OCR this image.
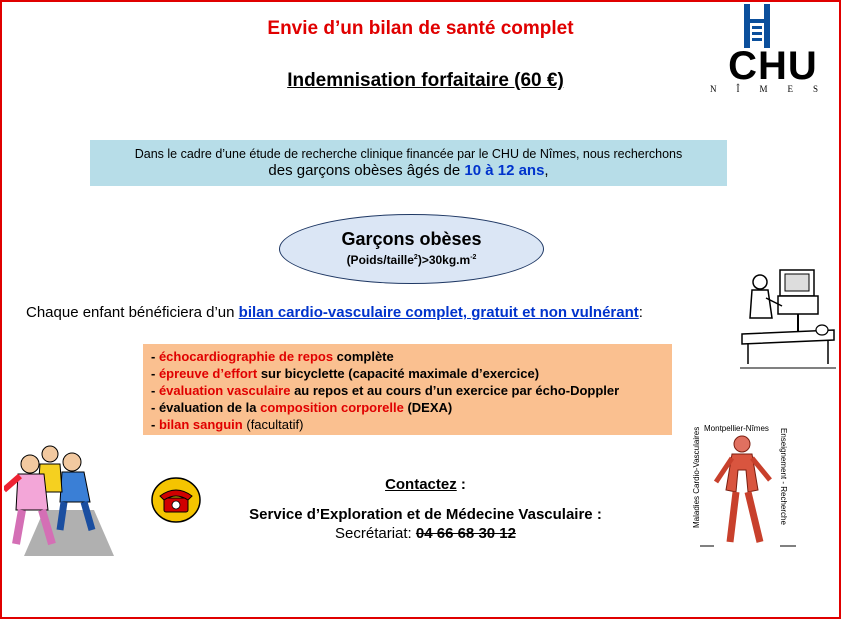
Envie d’un bilan de santé complet
Indemnisation forfaitaire (60 €)	CHU
NÎMES
Dans le cadre d’une étude de recherche clinique financée par le CHU de Nîmes, nous recherchons
des garçons obèses âgés de 10 à 12 ans,
Garçons obèses
$(Poids/taille^2)>30kg.m^{-2}$
Chaque enfant bénéficiera d’un bilan cardio-vasculaire complet, gratuit et non vulnérant:
- échocardiographie de repos complète
- épreuve d’effort sur bicyclette (capacité maximale d’exercice)
- évaluation vasculaire au repos et au cours d’un exercice par écho-Doppler
- évaluation de la composition corporelle (DEXA)
- bilan sanguin (facultatif)
Contactez :
Service d’Exploration et de Médecine Vasculaire :
Secrétariat: 04 66 68 30 12
Maladies Cardio-Vasculaires Montpellier-Nîmes Enseignement - Recherche
